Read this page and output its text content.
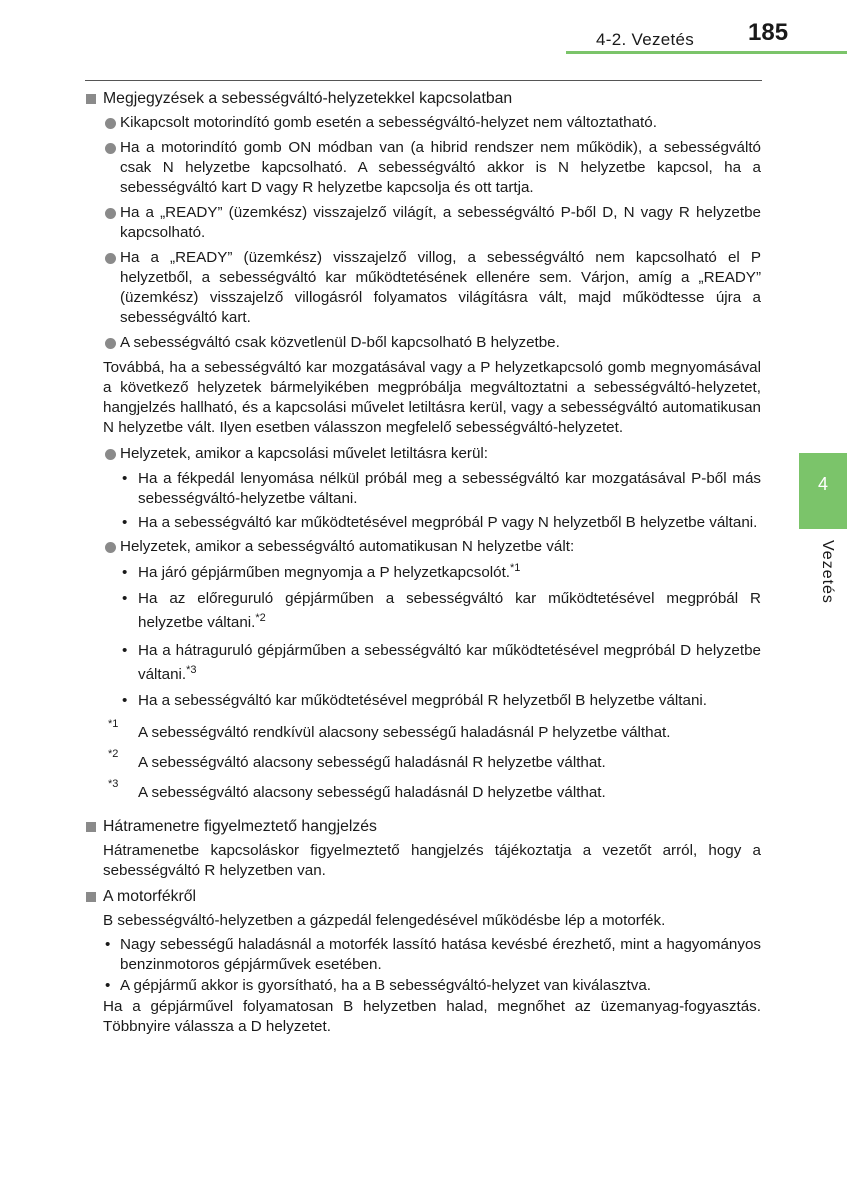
4-2. Vezetés 185
4
Vezetés
Megjegyzések a sebességváltó-helyzetekkel kapcsolatban
Kikapcsolt motorindító gomb esetén a sebességváltó-helyzet nem változtatható.
Ha a motorindító gomb ON módban van (a hibrid rendszer nem működik), a sebességváltó csak N helyzetbe kapcsolható. A sebességváltó akkor is N helyzetbe kapcsol, ha a sebességváltó kart D vagy R helyzetbe kapcsolja és ott tartja.
Ha a „READY” (üzemkész) visszajelző világít, a sebességváltó P-ből D, N vagy R helyzetbe kapcsolható.
Ha a „READY” (üzemkész) visszajelző villog, a sebességváltó nem kapcsolható el P helyzetből, a sebességváltó kar működtetésének ellenére sem. Várjon, amíg a „READY” (üzemkész) visszajelző villogásról folyamatos világításra vált, majd működtesse újra a sebességváltó kart.
A sebességváltó csak közvetlenül D-ből kapcsolható B helyzetbe.
Továbbá, ha a sebességváltó kar mozgatásával vagy a P helyzetkapcsoló gomb megnyomásával a következő helyzetek bármelyikében megpróbálja megváltoztatni a sebességváltó-helyzetet, hangjelzés hallható, és a kapcsolási művelet letiltásra kerül, vagy a sebességváltó automatikusan N helyzetbe vált. Ilyen esetben válasszon megfelelő sebességváltó-helyzetet.
Helyzetek, amikor a kapcsolási művelet letiltásra kerül:
• Ha a fékpedál lenyomása nélkül próbál meg a sebességváltó kar mozgatásával P-ből más sebességváltó-helyzetbe váltani.
• Ha a sebességváltó kar működtetésével megpróbál P vagy N helyzetből B helyzetbe váltani.
Helyzetek, amikor a sebességváltó automatikusan N helyzetbe vált:
• Ha járó gépjárműben megnyomja a P helyzetkapcsolót.$^{*1}$
• Ha az előreguruló gépjárműben a sebességváltó kar működtetésével megpróbál R helyzetbe váltani.$^{*2}$
• Ha a hátraguruló gépjárműben a sebességváltó kar működtetésével megpróbál D helyzetbe váltani.$^{*3}$
• Ha a sebességváltó kar működtetésével megpróbál R helyzetből B helyzetbe váltani.
$^{*1}$ A sebességváltó rendkívül alacsony sebességű haladásnál P helyzetbe válthat.
$^{*2}$ A sebességváltó alacsony sebességű haladásnál R helyzetbe válthat.
$^{*3}$ A sebességváltó alacsony sebességű haladásnál D helyzetbe válthat.
Hátramenetre figyelmeztető hangjelzés
Hátramenetbe kapcsoláskor figyelmeztető hangjelzés tájékoztatja a vezetőt arról, hogy a sebességváltó R helyzetben van.
A motorfékről
B sebességváltó-helyzetben a gázpedál felengedésével működésbe lép a motorfék.
• Nagy sebességű haladásnál a motorfék lassító hatása kevésbé érezhető, mint a hagyományos benzinmotoros gépjárművek esetében.
• A gépjármű akkor is gyorsítható, ha a B sebességváltó-helyzet van kiválasztva.
Ha a gépjárművel folyamatosan B helyzetben halad, megnőhet az üzemanyag-fogyasztás. Többnyire válassza a D helyzetet.
